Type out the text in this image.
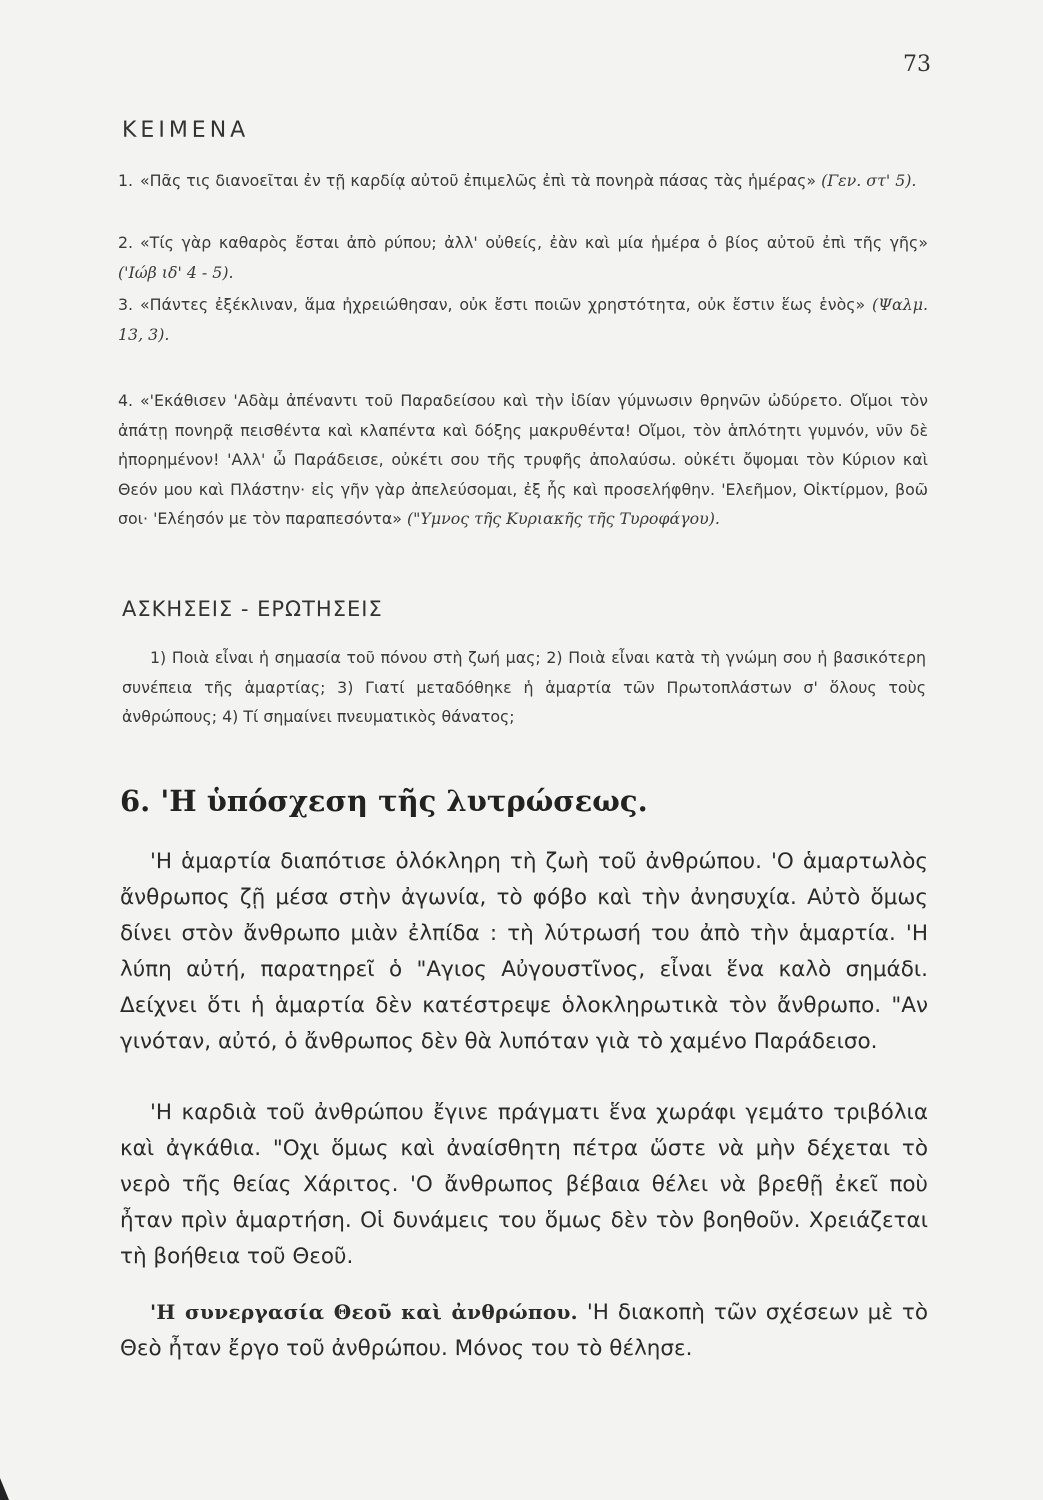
73
ΚΕΙΜΕΝΑ
1. «Πᾶς τις διανοεῖται ἐν τῇ καρδίᾳ αὐτοῦ ἐπιμελῶς ἐπὶ τὰ πονηρὰ πάσας τὰς ἡμέρας» (Γεν. στ' 5).
2. «Τίς γὰρ καθαρὸς ἔσται ἀπὸ ρύπου; ἀλλ' οὐθείς, ἐὰν καὶ μία ἡμέρα ὁ βίος αὐτοῦ ἐπὶ τῆς γῆς» ('Ιώβ ιδ' 4 - 5).
3. «Πάντες ἐξέκλιναν, ἅμα ἠχρειώθησαν, οὐκ ἔστι ποιῶν χρηστότητα, οὐκ ἔστιν ἕως ἑνὸς» (Ψαλμ. 13, 3).
4. «'Εκάθισεν 'Αδὰμ ἀπέναντι τοῦ Παραδείσου καὶ τὴν ἰδίαν γύμνωσιν θρηνῶν ὠδύρετο. Οἴμοι τὸν ἀπάτῃ πονηρᾷ πεισθέντα καὶ κλαπέντα καὶ δόξης μακρυθέντα! Οἴμοι, τὸν ἁπλότητι γυμνόν, νῦν δὲ ἠπορημένον! 'Αλλ' ὦ Παράδεισε, οὐκέτι σου τῆς τρυφῆς ἀπολαύσω. οὐκέτι ὄψομαι τὸν Κύριον καὶ Θεόν μου καὶ Πλάστην· εἰς γῆν γὰρ ἀπελεύσομαι, ἐξ ἧς καὶ προσελήφθην. 'Ελεῆμον, Οἰκτίρμον, βοῶ σοι· 'Ελέησόν με τὸν παραπεσόντα» ("Υμνος τῆς Κυριακῆς τῆς Τυροφάγου).
ΑΣΚΗΣΕΙΣ - ΕΡΩΤΗΣΕΙΣ
1) Ποιὰ εἶναι ἡ σημασία τοῦ πόνου στὴ ζωή μας; 2) Ποιὰ εἶναι κατὰ τὴ γνώμη σου ἡ βασικότερη συνέπεια τῆς ἁμαρτίας; 3) Γιατί μεταδόθηκε ἡ ἁμαρτία τῶν Πρωτοπλάστων σ' ὅλους τοὺς ἀνθρώπους; 4) Τί σημαίνει πνευματικὸς θάνατος;
6. 'Η ὑπόσχεση τῆς λυτρώσεως.

'Η ἁμαρτία διαπότισε ὁλόκληρη τὴ ζωὴ τοῦ ἀνθρώπου. 'Ο ἁμαρτωλὸς ἄνθρωπος ζῇ μέσα στὴν ἀγωνία, τὸ φόβο καὶ τὴν ἀνησυχία. Αὐτὸ ὅμως δίνει στὸν ἄνθρωπο μιὰν ἐλπίδα : τὴ λύτρωσή του ἀπὸ τὴν ἁμαρτία. 'Η λύπη αὐτή, παρατηρεῖ ὁ "Αγιος Αὐγουστῖνος, εἶναι ἕνα καλὸ σημάδι. Δείχνει ὅτι ἡ ἁμαρτία δὲν κατέστρεψε ὁλοκληρωτικὰ τὸν ἄνθρωπο. "Αν γινόταν, αὐτό, ὁ ἄνθρωπος δὲν θὰ λυπόταν γιὰ τὸ χαμένο Παράδεισο.

'Η καρδιὰ τοῦ ἀνθρώπου ἔγινε πράγματι ἕνα χωράφι γεμάτο τριβόλια καὶ ἀγκάθια. "Οχι ὅμως καὶ ἀναίσθητη πέτρα ὥστε νὰ μὴν δέχεται τὸ νερὸ τῆς θείας Χάριτος. 'Ο ἄνθρωπος βέβαια θέλει νὰ βρεθῇ ἐκεῖ ποὺ ἦταν πρὶν ἁμαρτήση. Οἱ δυνάμεις του ὅμως δὲν τὸν βοηθοῦν. Χρειάζεται τὴ βοήθεια τοῦ Θεοῦ.

'Η συνεργασία Θεοῦ καὶ ἀνθρώπου. 'Η διακοπὴ τῶν σχέσεων μὲ τὸ Θεὸ ἦταν ἔργο τοῦ ἀνθρώπου. Μόνος του τὸ θέλησε.
